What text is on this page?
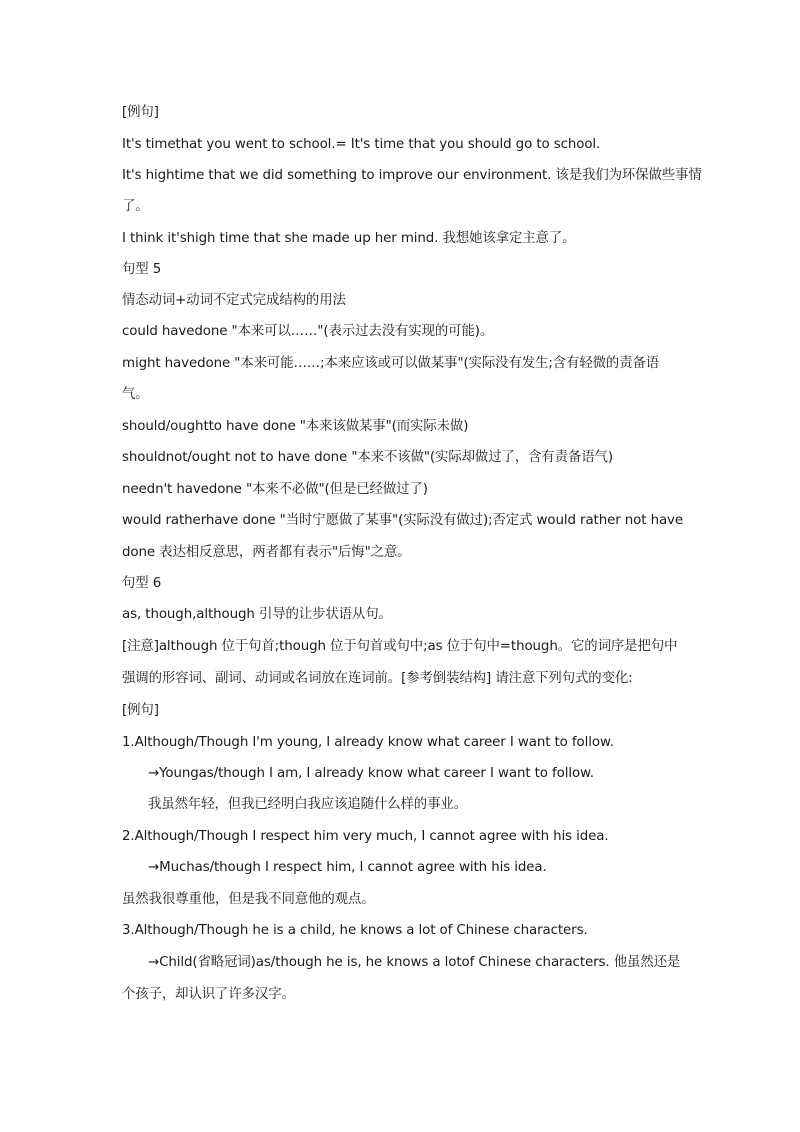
[例句]
It's timethat you went to school.= It's time that you should go to school.
It's hightime that we did something to improve our environment. 该是我们为环保做些事情
了。
I think it'shigh time that she made up her mind. 我想她该拿定主意了。
句型 5
情态动词+动词不定式完成结构的用法
could havedone "本来可以……"(表示过去没有实现的可能)。
might havedone "本来可能……;本来应该或可以做某事"(实际没有发生;含有轻微的责备语
气。
should/oughtto have done "本来该做某事"(而实际未做)
shouldnot/ought not to have done "本来不该做"(实际却做过了，含有责备语气)
needn't havedone "本来不必做"(但是已经做过了)
would ratherhave done "当时宁愿做了某事"(实际没有做过);否定式 would rather not have
done 表达相反意思，两者都有表示"后悔"之意。
句型 6
as, though,although 引导的让步状语从句。
[注意]although 位于句首;though 位于句首或句中;as 位于句中=though。它的词序是把句中
强调的形容词、副词、动词或名词放在连词前。[参考倒装结构] 请注意下列句式的变化:
[例句]
1.Although/Though I'm young, I already know what career I want to follow.
→Youngas/though I am, I already know what career I want to follow.
我虽然年轻，但我已经明白我应该追随什么样的事业。
2.Although/Though I respect him very much, I cannot agree with his idea.
→Muchas/though I respect him, I cannot agree with his idea.
虽然我很尊重他，但是我不同意他的观点。
3.Although/Though he is a child, he knows a lot of Chinese characters.
→Child(省略冠词)as/though he is, he knows a lotof Chinese characters. 他虽然还是
个孩子，却认识了许多汉字。
